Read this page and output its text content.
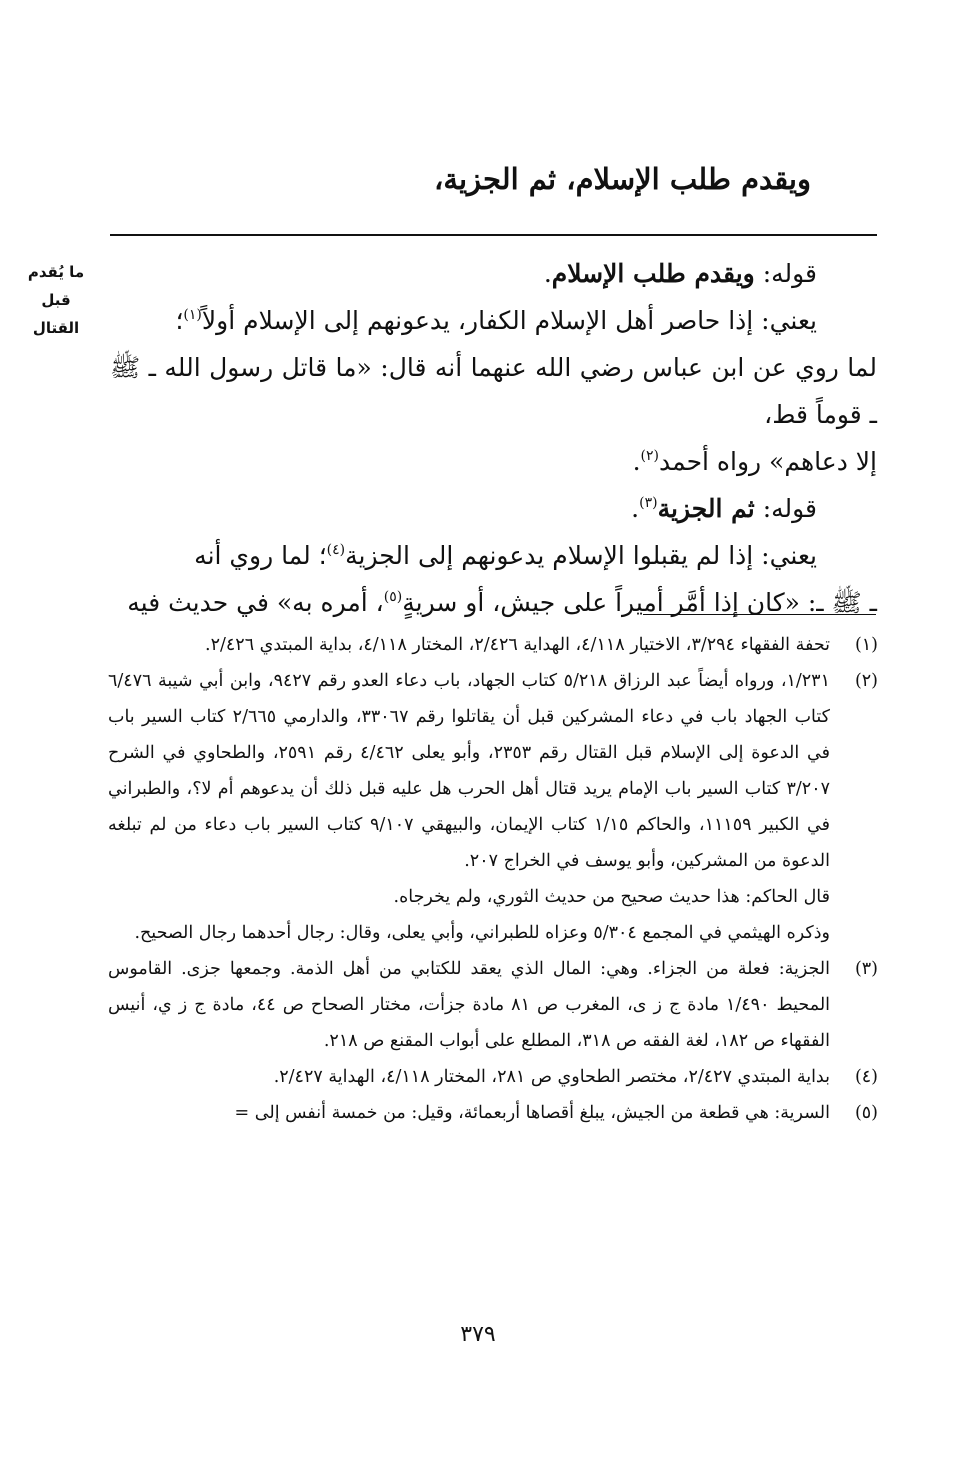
ويقدم طلب الإسلام، ثم الجزية،
ما يُقدم
قبل
القتال

قوله: ويقدم طلب الإسلام.

يعني: إذا حاصر أهل الإسلام الكفار، يدعونهم إلى الإسلام أولاً$^{(١)}$؛

لما روي عن ابن عباس رضي الله عنهما أنه قال: «ما قاتل رسول الله ـ ﷺ ـ قوماً قط،

إلا دعاهم» رواه أحمد$^{(٢)}$.

قوله: ثم الجزية$^{(٣)}$.

يعني: إذا لم يقبلوا الإسلام يدعونهم إلى الجزية$^{(٤)}$؛ لما روي أنه

ـ ﷺ ـ: «كان إذا أمَّر أميراً على جيش، أو سريةٍ$^{(٥)}$، أمره به» في حديث فيه

(١)

تحفة الفقهاء ٣/٢٩٤، الاختيار ٤/١١٨، الهداية ٢/٤٢٦، المختار ٤/١١٨، بداية المبتدي ٢/٤٢٦.

(٢)

١/٢٣١، ورواه أيضاً عبد الرزاق ٥/٢١٨ كتاب الجهاد، باب دعاء العدو رقم ٩٤٢٧، وابن أبي شيبة ٦/٤٧٦ كتاب الجهاد باب في دعاء المشركين قبل أن يقاتلوا رقم ٣٣٠٦٧، والدارمي ٢/٦٦٥ كتاب السير باب في الدعوة إلى الإسلام قبل القتال رقم ٢٣٥٣، وأبو يعلى ٤/٤٦٢ رقم ٢٥٩١، والطحاوي في الشرح ٣/٢٠٧ كتاب السير باب الإمام يريد قتال أهل الحرب هل عليه قبل ذلك أن يدعوهم أم لا؟، والطبراني في الكبير ١١١٥٩، والحاكم ١/١٥ كتاب الإيمان، والبيهقي ٩/١٠٧ كتاب السير باب دعاء من لم تبلغه الدعوة من المشركين، وأبو يوسف في الخراج ٢٠٧.

قال الحاكم: هذا حديث صحيح من حديث الثوري، ولم يخرجاه.

وذكره الهيثمي في المجمع ٥/٣٠٤ وعزاه للطبراني، وأبي يعلى، وقال: رجال أحدهما رجال الصحيح.

(٣)

الجزية: فعلة من الجزاء. وهي: المال الذي يعقد للكتابي من أهل الذمة. وجمعها جزى. القاموس المحيط ١/٤٩٠ مادة ج ز ى، المغرب ص ٨١ مادة جزأت، مختار الصحاح ص ٤٤، مادة ج ز ي، أنيس الفقهاء ص ١٨٢، لغة الفقه ص ٣١٨، المطلع على أبواب المقنع ص ٢١٨.

(٤)

بداية المبتدي ٢/٤٢٧، مختصر الطحاوي ص ٢٨١، المختار ٤/١١٨، الهداية ٢/٤٢٧.

(٥)

السرية: هي قطعة من الجيش، يبلغ أقصاها أربعمائة، وقيل: من خمسة أنفس إلى =

٣٧٩
